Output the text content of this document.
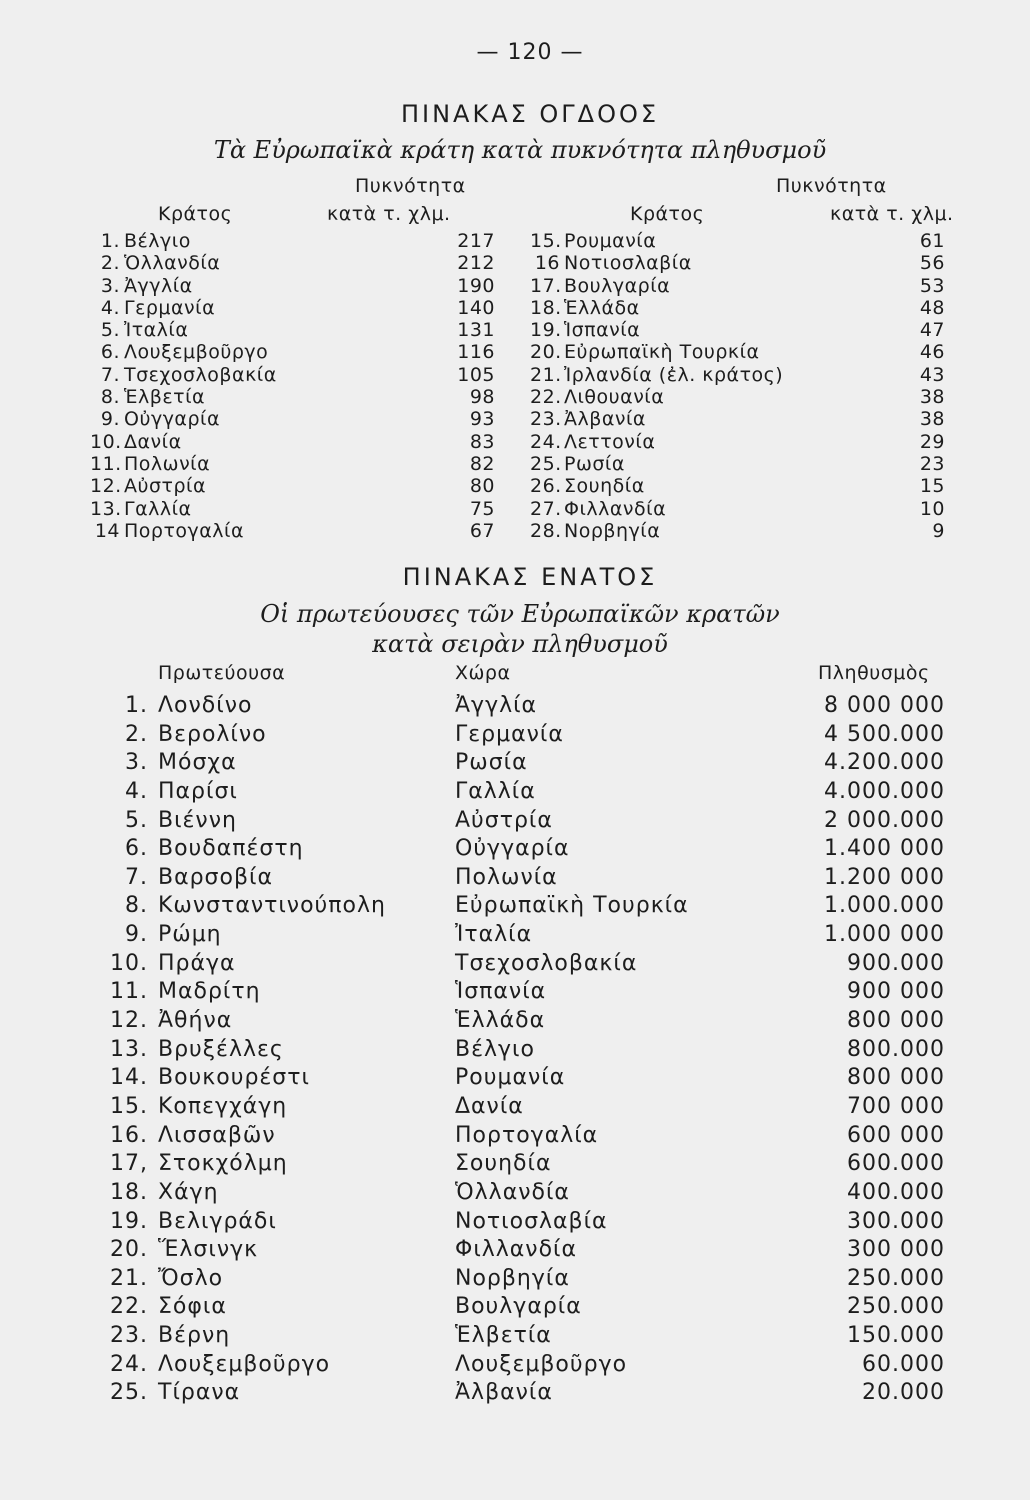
— 120 —
ΠΙΝΑΚΑΣ ΟΓΔΟΟΣ
Τὰ Εὐρωπαϊκὰ κράτη κατὰ πυκνότητα πληθυσμοῦ
Πυκνότητα
Κράτος	κατὰ τ. χλμ.
Πυκνότητα
Κράτος	κατὰ τ. χλμ.
1. Βέλγιο	217
2. Ὁλλανδία	212
3. Ἀγγλία	190
4. Γερμανία	140
5. Ἰταλία	131
6. Λουξεμβοῦργο	116
7. Τσεχοσλοβακία	105
8. Ἑλβετία	98
9. Οὐγγαρία	93
10. Δανία	83
11. Πολωνία	82
12. Αὐστρία	80
13. Γαλλία	75
14 Πορτογαλία	67
15. Ρουμανία	61
16 Νοτιοσλαβία	56
17. Βουλγαρία	53
18. Ἑλλάδα	48
19. Ἱσπανία	47
20. Εὐρωπαϊκὴ Τουρκία	46
21. Ἰρλανδία (ἐλ. κράτος)	43
22. Λιθουανία	38
23. Ἀλβανία	38
24. Λεττονία	29
25. Ρωσία	23
26. Σουηδία	15
27. Φιλλανδία	10
28. Νορβηγία	9
ΠΙΝΑΚΑΣ ΕΝΑΤΟΣ
Οἱ πρωτεύουσες τῶν Εὐρωπαϊκῶν κρατῶν
κατὰ σειρὰν πληθυσμοῦ
Πρωτεύουσα	Χώρα	Πληθυσμὸς
1. Λονδίνο	Ἀγγλία	8 000 000
2. Βερολίνο	Γερμανία	4 500.000
3. Μόσχα	Ρωσία	4.200.000
4. Παρίσι	Γαλλία	4.000.000
5. Βιέννη	Αὐστρία	2 000.000
6. Βουδαπέστη	Οὐγγαρία	1.400 000
7. Βαρσοβία	Πολωνία	1.200 000
8. Κωνσταντινούπολη	Εὐρωπαϊκὴ Τουρκία	1.000.000
9. Ρώμη	Ἰταλία	1.000 000
10. Πράγα	Τσεχοσλοβακία	900.000
11. Μαδρίτη	Ἱσπανία	900 000
12. Ἀθήνα	Ἑλλάδα	800 000
13. Βρυξέλλες	Βέλγιο	800.000
14. Βουκουρέστι	Ρουμανία	800 000
15. Κοπεγχάγη	Δανία	700 000
16. Λισσαβῶν	Πορτογαλία	600 000
17, Στοκχόλμη	Σουηδία	600.000
18. Χάγη	Ὁλλανδία	400.000
19. Βελιγράδι	Νοτιοσλαβία	300.000
20. Ἕλσινγκ	Φιλλανδία	300 000
21. Ὄσλο	Νορβηγία	250.000
22. Σόφια	Βουλγαρία	250.000
23. Βέρνη	Ἑλβετία	150.000
24. Λουξεμβοῦργο	Λουξεμβοῦργο	60.000
25. Τίρανα	Ἀλβανία	20.000
